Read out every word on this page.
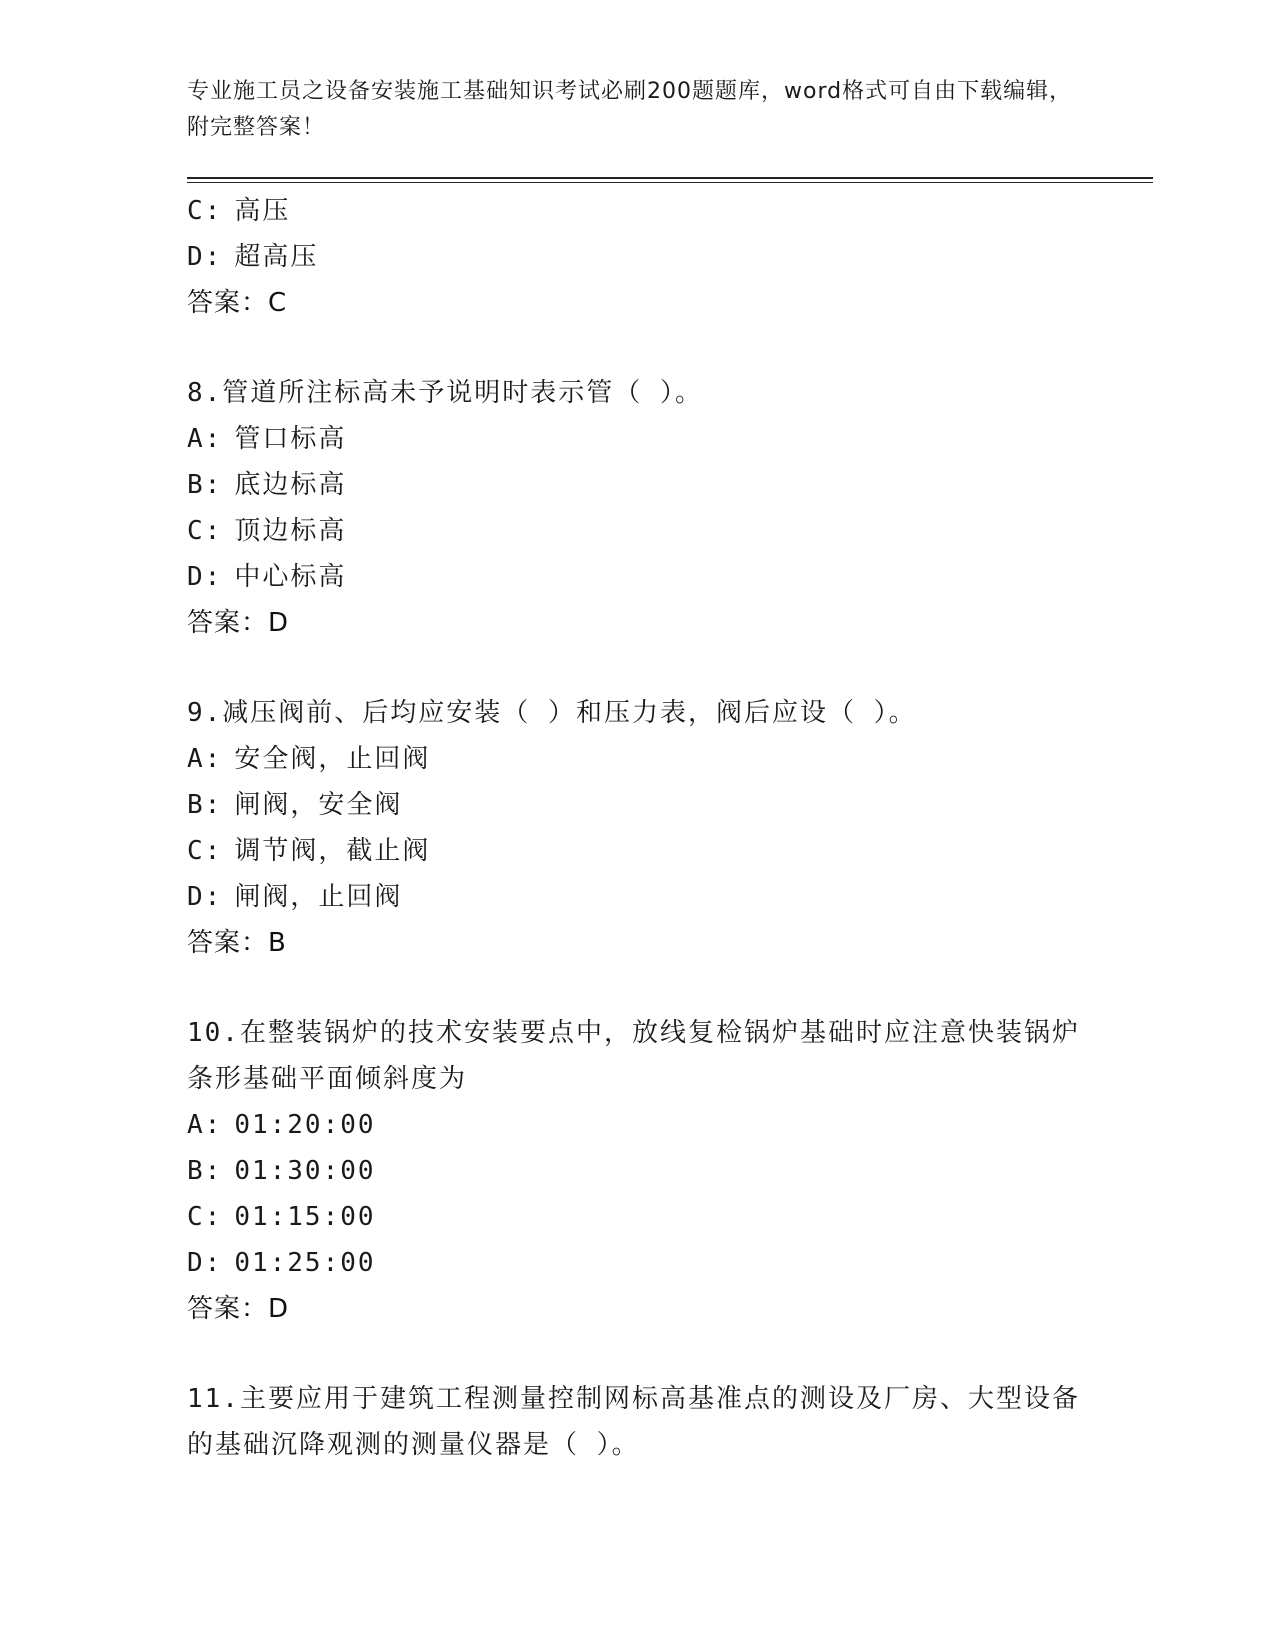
专业施工员之设备安装施工基础知识考试必刷200题题库，word格式可自由下载编辑，附完整答案！
C: 高压
D: 超高压
答案：C
8.管道所注标高未予说明时表示管（ ）。
A: 管口标高
B: 底边标高
C: 顶边标高
D: 中心标高
答案：D
9.减压阀前、后均应安装（ ）和压力表，阀后应设（ ）。
A: 安全阀，止回阀
B: 闸阀，安全阀
C: 调节阀，截止阀
D: 闸阀，止回阀
答案：B
10.在整装锅炉的技术安装要点中，放线复检锅炉基础时应注意快装锅炉条形基础平面倾斜度为
A: 01:20:00
B: 01:30:00
C: 01:15:00
D: 01:25:00
答案：D
11.主要应用于建筑工程测量控制网标高基准点的测设及厂房、大型设备的基础沉降观测的测量仪器是（ ）。
